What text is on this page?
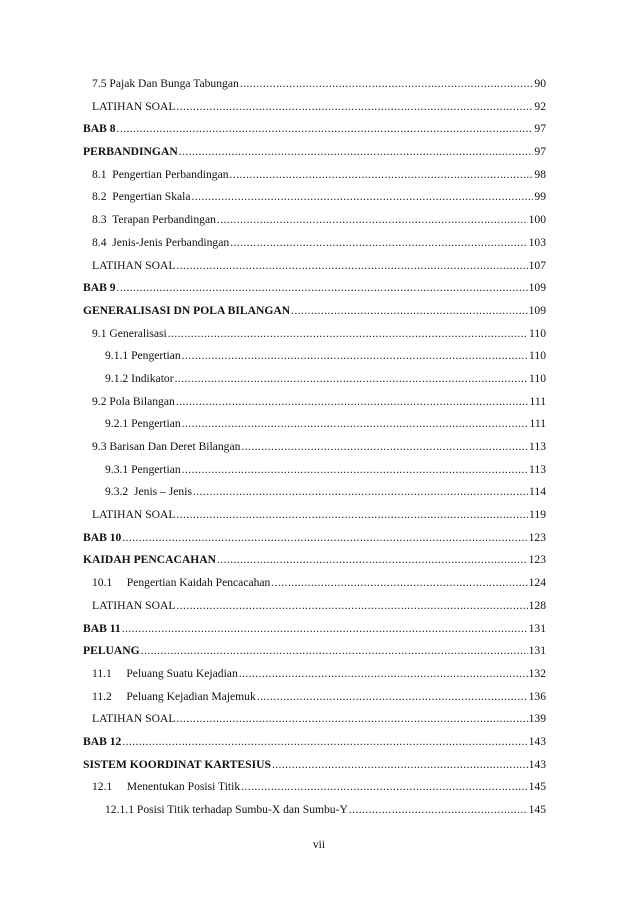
7.5 Pajak Dan Bunga Tabungan .....	90
LATIHAN SOAL .....	92
BAB 8 .....	97
PERBANDINGAN .....	97
8.1  Pengertian Perbandingan .....	98
8.2  Pengertian Skala .....	99
8.3  Terapan Perbandingan .....	100
8.4  Jenis-Jenis Perbandingan .....	103
LATIHAN SOAL .....	107
BAB 9 .....	109
GENERALISASI DN POLA BILANGAN .....	109
9.1 Generalisasi .....	110
9.1.1 Pengertian .....	110
9.1.2 Indikator .....	110
9.2 Pola Bilangan .....	111
9.2.1 Pengertian .....	111
9.3 Barisan Dan Deret Bilangan .....	113
9.3.1 Pengertian .....	113
9.3.2  Jenis – Jenis .....	114
LATIHAN SOAL .....	119
BAB 10 .....	123
KAIDAH PENCACAHAN .....	123
10.1     Pengertian Kaidah Pencacahan .....	124
LATIHAN SOAL .....	128
BAB 11 .....	131
PELUANG .....	131
11.1     Peluang Suatu Kejadian .....	132
11.2     Peluang Kejadian Majemuk .....	136
LATIHAN SOAL .....	139
BAB 12 .....	143
SISTEM KOORDINAT KARTESIUS .....	143
12.1     Menentukan Posisi Titik .....	145
12.1.1 Posisi Titik terhadap Sumbu-X dan Sumbu-Y .....	145
vii
